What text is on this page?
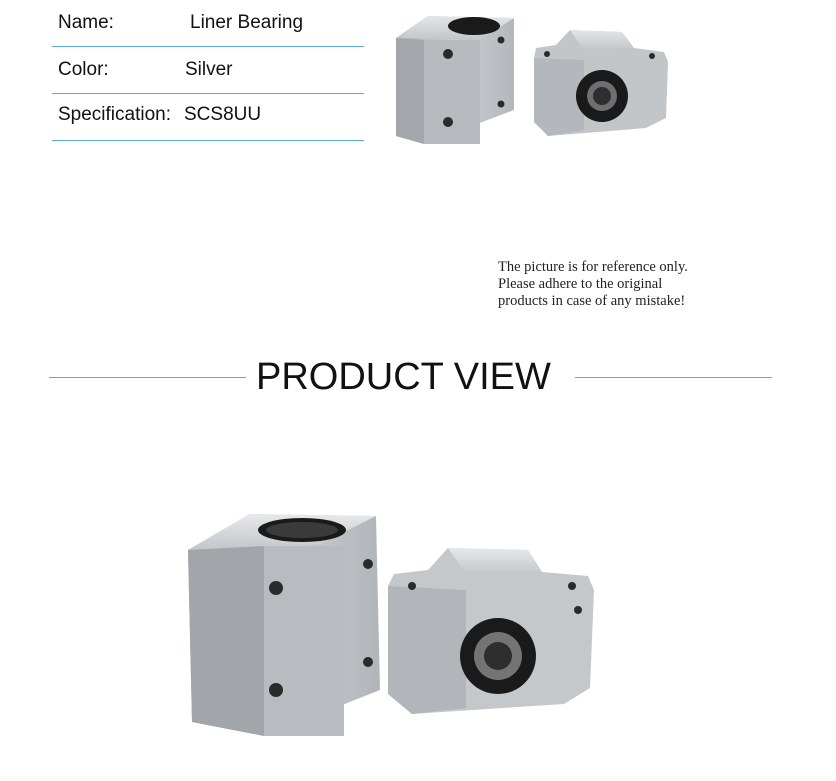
Name:	Liner Bearing
Color:	Silver
Specification: SCS8UU
The picture is for reference only.
Please adhere to the original
products in case of any mistake!
PRODUCT VIEW
